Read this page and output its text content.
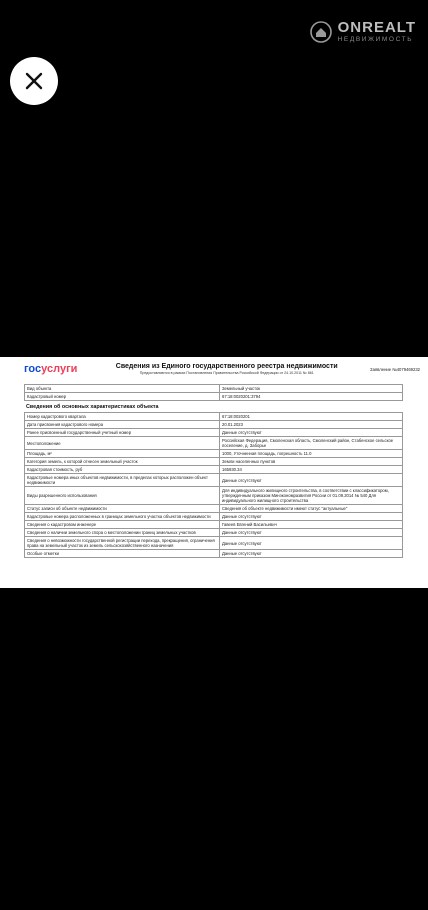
ONREALT
НЕДВИЖИМОСТЬ
госуслуги	Сведения из Единого государственного реестра недвижимости
Предоставляются в рамках Постановления Правительства Российской Федерации от 24.10.2011 № 861
Заявление №4079469232
Вид объекта	Земельный участок
Кадастровый номер	67:18:0020201:3794
Сведения об основных характеристиках объекта
Номер кадастрового квартала	67:18:0020201
Дата присвоения кадастрового номера	20.01.2023
Ранее присвоенный государственный учетный номер	Данные отсутствуют
Местоположение	Российская Федерация, Смоленская область, Смоленский район, Стабенское сельское поселение, д. Заборье
Площадь, м²	1000, Уточненная площадь, погрешность 11.0
Категория земель, к которой отнесен земельный участок	Земли населенных пунктов
Кадастровая стоимость, руб	165930.34
Кадастровые номера иных объектов недвижимости, в пределах которых расположен объект недвижимости	Данные отсутствуют
Виды разрешенного использования	Для индивидуального жилищного строительства, в соответствии с классификатором, утвержденным приказом Минэкономразвития России от 01.09.2014 № 540 Для индивидуального жилищного строительства
Статус записи об объекте недвижимости	Сведения об объекте недвижимости имеют статус "актуальные"
Кадастровые номера расположенных в границах земельного участка объектов недвижимости	Данные отсутствуют
Сведения о кадастровом инженере	Гавеев Евгений Васильевич
Сведения о наличии земельного спора о местоположении границ земельных участков	Данные отсутствуют
Сведения о невозможности государственной регистрации перехода, прекращения, ограничения права на земельный участок из земель сельскохозяйственного назначения	Данные отсутствуют
Особые отметки	Данные отсутствуют
